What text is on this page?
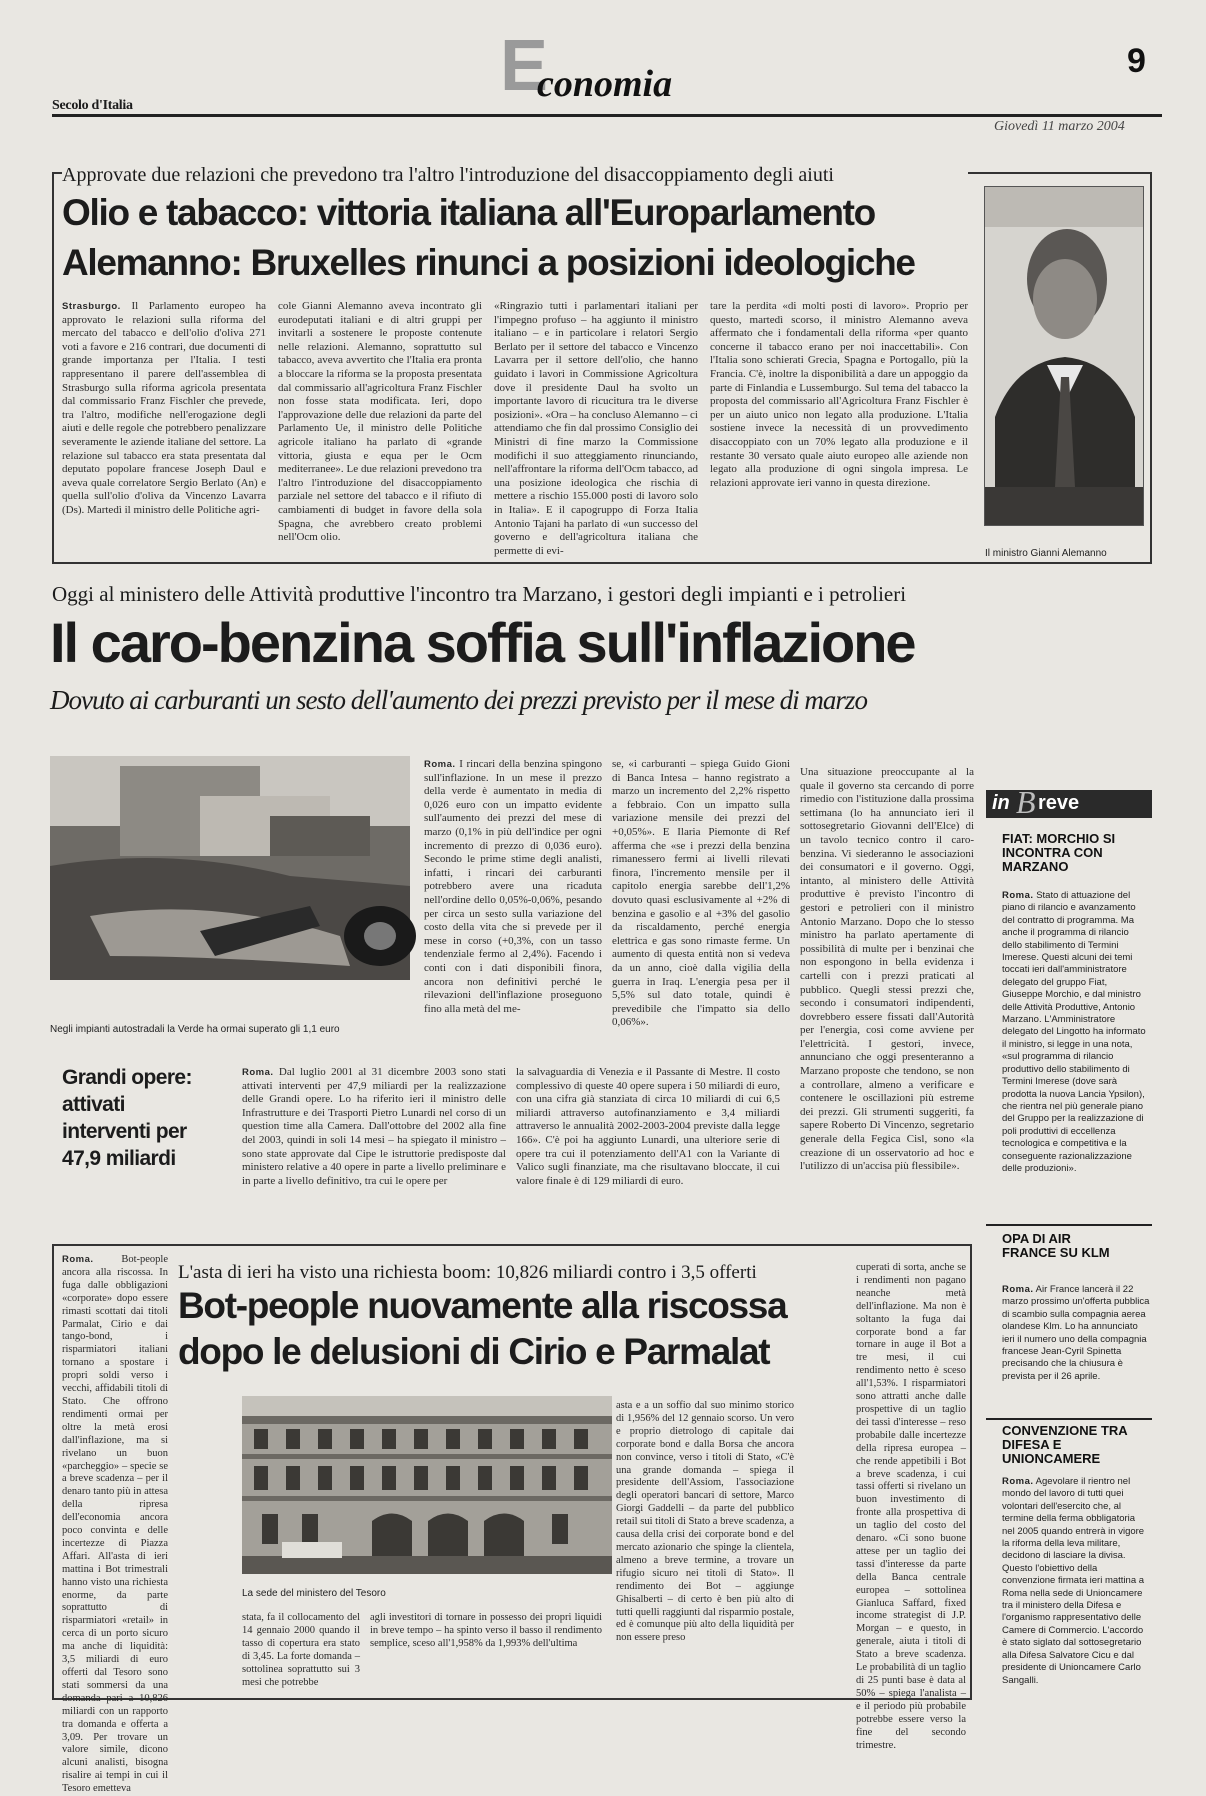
Secolo d'Italia	E
conomia
9
Giovedì 11 marzo 2004
Approvate due relazioni che prevedono tra l'altro l'introduzione del disaccoppiamento degli aiuti
Olio e tabacco: vittoria italiana all'Europarlamento
Alemanno: Bruxelles rinunci a posizioni ideologiche
Strasburgo. Il Parlamento europeo ha approvato le relazioni sulla riforma del mercato del tabacco e dell'olio d'oliva 271 voti a favore e 216 contrari, due documenti di grande importanza per l'Italia. I testi rappresentano il parere dell'assemblea di Strasburgo sulla riforma agricola presentata dal commissario Franz Fischler che prevede, tra l'altro, modifiche nell'erogazione degli aiuti e delle regole che potrebbero penalizzare severamente le aziende italiane del settore. La relazione sul tabacco era stata presentata dal deputato popolare francese Joseph Daul e aveva quale correlatore Sergio Berlato (An) e quella sull'olio d'oliva da Vincenzo Lavarra (Ds). Martedì il ministro delle Politiche agri-
cole Gianni Alemanno aveva incontrato gli eurodeputati italiani e di altri gruppi per invitarli a sostenere le proposte contenute nelle relazioni. Alemanno, soprattutto sul tabacco, aveva avvertito che l'Italia era pronta a bloccare la riforma se la proposta presentata dal commissario all'agricoltura Franz Fischler non fosse stata modificata. Ieri, dopo l'approvazione delle due relazioni da parte del Parlamento Ue, il ministro delle Politiche agricole italiano ha parlato di «grande vittoria, giusta e equa per le Ocm mediterranee». Le due relazioni prevedono tra l'altro l'introduzione del disaccoppiamento parziale nel settore del tabacco e il rifiuto di cambiamenti di budget in favore della sola Spagna, che avrebbero creato problemi nell'Ocm olio.
«Ringrazio tutti i parlamentari italiani per l'impegno profuso – ha aggiunto il ministro italiano – e in particolare i relatori Sergio Berlato per il settore del tabacco e Vincenzo Lavarra per il settore dell'olio, che hanno guidato i lavori in Commissione Agricoltura dove il presidente Daul ha svolto un importante lavoro di ricucitura tra le diverse posizioni». «Ora – ha concluso Alemanno – ci attendiamo che fin dal prossimo Consiglio dei Ministri di fine marzo la Commissione modifichi il suo atteggiamento rinunciando, nell'affrontare la riforma dell'Ocm tabacco, ad una posizione ideologica che rischia di mettere a rischio 155.000 posti di lavoro solo in Italia». E il capogruppo di Forza Italia Antonio Tajani ha parlato di «un successo del governo e dell'agricoltura italiana che permette di evi-
tare la perdita «di molti posti di lavoro». Proprio per questo, martedì scorso, il ministro Alemanno aveva affermato che i fondamentali della riforma «per quanto concerne il tabacco erano per noi inaccettabili». Con l'Italia sono schierati Grecia, Spagna e Portogallo, più la Francia. C'è, inoltre la disponibilità a dare un appoggio da parte di Finlandia e Lussemburgo. Sul tema del tabacco la proposta del commissario all'Agricoltura Franz Fischler è per un aiuto unico non legato alla produzione. L'Italia sostiene invece la necessità di un provvedimento disaccoppiato con un 70% legato alla produzione e il restante 30 versato quale aiuto europeo alle aziende non legato alla produzione di ogni singola impresa. Le relazioni approvate ieri vanno in questa direzione.
Il ministro Gianni Alemanno
Oggi al ministero delle Attività produttive l'incontro tra Marzano, i gestori degli impianti e i petrolieri
Il caro-benzina soffia sull'inflazione
Dovuto ai carburanti un sesto dell'aumento dei prezzi previsto per il mese di marzo
Negli impianti autostradali la Verde ha ormai superato gli 1,1 euro
Roma. I rincari della benzina spingono sull'inflazione. In un mese il prezzo della verde è aumentato in media di 0,026 euro con un impatto evidente sull'aumento dei prezzi del mese di marzo (0,1% in più dell'indice per ogni incremento di prezzo di 0,036 euro). Secondo le prime stime degli analisti, infatti, i rincari dei carburanti potrebbero avere una ricaduta nell'ordine dello 0,05%-0,06%, pesando per circa un sesto sulla variazione del costo della vita che si prevede per il mese in corso (+0,3%, con un tasso tendenziale fermo al 2,4%). Facendo i conti con i dati disponibili finora, ancora non definitivi perché le rilevazioni dell'inflazione proseguono fino alla metà del me-
se, «i carburanti – spiega Guido Gioni di Banca Intesa – hanno registrato a marzo un incremento del 2,2% rispetto a febbraio. Con un impatto sulla variazione mensile dei prezzi del +0,05%». E Ilaria Piemonte di Ref afferma che «se i prezzi della benzina rimanessero fermi ai livelli rilevati finora, l'incremento mensile per il capitolo energia sarebbe dell'1,2% dovuto quasi esclusivamente al +2% di benzina e gasolio e al +3% del gasolio da riscaldamento, perché energia elettrica e gas sono rimaste ferme. Un aumento di questa entità non si vedeva da un anno, cioè dalla vigilia della guerra in Iraq. L'energia pesa per il 5,5% sul dato totale, quindi è prevedibile che l'impatto sia dello 0,06%».
Una situazione preoccupante al la quale il governo sta cercando di porre rimedio con l'istituzione dalla prossima settimana (lo ha annunciato ieri il sottosegretario Giovanni dell'Elce) di un tavolo tecnico contro il caro-benzina. Vi siederanno le associazioni dei consumatori e il governo. Oggi, intanto, al ministero delle Attività produttive è previsto l'incontro di gestori e petrolieri con il ministro Antonio Marzano. Dopo che lo stesso ministro ha parlato apertamente di possibilità di multe per i benzinai che non espongono in bella evidenza i cartelli con i prezzi praticati al pubblico. Quegli stessi prezzi che, secondo i consumatori indipendenti, dovrebbero essere fissati dall'Autorità per l'energia, così come avviene per l'elettricità. I gestori, invece, annunciano che oggi presenteranno a Marzano proposte che tendono, se non a controllare, almeno a verificare e contenere le oscillazioni più estreme dei prezzi. Gli strumenti suggeriti, fa sapere Roberto Di Vincenzo, segretario generale della Fegica Cisl, sono «la creazione di un osservatorio ad hoc e l'utilizzo di un'accisa più flessibile».
Grandi opere: attivati interventi per 47,9 miliardi
Roma. Dal luglio 2001 al 31 dicembre 2003 sono stati attivati interventi per 47,9 miliardi per la realizzazione delle Grandi opere. Lo ha riferito ieri il ministro delle Infrastrutture e dei Trasporti Pietro Lunardi nel corso di un question time alla Camera. Dall'ottobre del 2002 alla fine del 2003, quindi in soli 14 mesi – ha spiegato il ministro – sono state approvate dal Cipe le istruttorie predisposte dal ministero relative a 40 opere in parte a livello preliminare e in parte a livello definitivo, tra cui le opere per
la salvaguardia di Venezia e il Passante di Mestre. Il costo complessivo di queste 40 opere supera i 50 miliardi di euro, con una cifra già stanziata di circa 10 miliardi di cui 6,5 miliardi attraverso autofinanziamento e 3,4 miliardi attraverso le annualità 2002-2003-2004 previste dalla legge 166». C'è poi ha aggiunto Lunardi, una ulteriore serie di opere tra cui il potenziamento dell'A1 con la Variante di Valico sugli finanziate, ma che risultavano bloccate, il cui valore finale è di 129 miliardi di euro.
Roma.	Bot-people ancora alla riscossa. In fuga dalle obbligazioni «corporate» dopo essere rimasti scottati dai titoli Parmalat, Cirio e dai tango-bond, i risparmiatori italiani tornano a spostare i propri soldi verso i vecchi, affidabili titoli di Stato. Che offrono rendimenti ormai per oltre la metà erosi dall'inflazione, ma si rivelano un buon «parcheggio» – specie se a breve scadenza – per il denaro tanto più in attesa della ripresa dell'economia ancora poco convinta e delle incertezze di Piazza Affari. All'asta di ieri mattina i Bot trimestrali hanno visto una richiesta enorme, da parte soprattutto di risparmiatori «retail» in cerca di un porto sicuro ma anche di liquidità: 3,5 miliardi di euro offerti dal Tesoro sono stati sommersi da una domanda pari a 10,826 miliardi con un rapporto tra domanda e offerta a 3,09. Per trovare un valore simile, dicono alcuni analisti, bisogna risalire ai tempi in cui il Tesoro emetteva
L'asta di ieri ha visto una richiesta boom: 10,826 miliardi contro i 3,5 offerti
Bot-people nuovamente alla riscossa
dopo le delusioni di Cirio e Parmalat
cuperati di sorta, anche se i rendimenti non pagano neanche metà dell'inflazione. Ma non è soltanto la fuga dai corporate bond a far tornare in auge il Bot a tre mesi, il cui rendimento netto è sceso all'1,53%. I risparmiatori sono attratti anche dalle prospettive di un taglio dei tassi d'interesse – reso probabile dalle incertezze della ripresa europea – che rende appetibili i Bot a breve scadenza, i cui tassi offerti si rivelano un buon investimento di fronte alla prospettiva di un taglio del costo del denaro. «Ci sono buone attese per un taglio dei tassi d'interesse da parte della Banca centrale europea – sottolinea Gianluca Saffard, fixed income strategist di J.P. Morgan – e questo, in generale, aiuta i titoli di Stato a breve scadenza. Le probabilità di un taglio di 25 punti base è data al 50% – spiega l'analista – e il periodo più probabile potrebbe essere verso la fine del secondo trimestre.
La sede del ministero del Tesoro
stata, fa il collocamento del 14 gennaio 2000 quando il tasso di copertura era stato di 3,45. La forte domanda – sottolinea soprattutto sui 3 mesi che potrebbe
agli investitori di tornare in possesso dei propri liquidi in breve tempo – ha spinto verso il basso il rendimento semplice, sceso all'1,958% da 1,993% dell'ultima
asta e a un soffio dal suo minimo storico di 1,956% del 12 gennaio scorso. Un vero e proprio dietrologo di capitale dai corporate bond e dalla Borsa che ancora non convince, verso i titoli di Stato, «C'è una grande domanda – spiega il presidente dell'Assiom, l'associazione degli operatori bancari di settore, Marco Giorgi Gaddelli – da parte del pubblico retail sui titoli di Stato a breve scadenza, a causa della crisi dei corporate bond e del mercato azionario che spinge la clientela, almeno a breve termine, a trovare un rifugio sicuro nei titoli di Stato». Il rendimento dei Bot – aggiunge Ghisalberti – di certo è ben più alto di tutti quelli raggiunti dal risparmio postale, ed è comunque più alto della liquidità per non essere preso
in B reve
FIAT: MORCHIO SI INCONTRA CON MARZANO
Roma. Stato di attuazione del piano di rilancio e avanzamento del contratto di programma. Ma anche il programma di rilancio dello stabilimento di Termini Imerese. Questi alcuni dei temi toccati ieri dall'amministratore delegato del gruppo Fiat, Giuseppe Morchio, e dal ministro delle Attività Produttive, Antonio Marzano. L'Amministratore delegato del Lingotto ha informato il ministro, si legge in una nota, «sul programma di rilancio produttivo dello stabilimento di Termini Imerese (dove sarà prodotta la nuova Lancia Ypsilon), che rientra nel più generale piano del Gruppo per la realizzazione di poli produttivi di eccellenza tecnologica e competitiva e la conseguente razionalizzazione delle produzioni».
OPA DI AIR FRANCE SU KLM
Roma. Air France lancerà il 22 marzo prossimo un'offerta pubblica di scambio sulla compagnia aerea olandese Klm. Lo ha annunciato ieri il numero uno della compagnia francese Jean-Cyril Spinetta precisando che la chiusura è prevista per il 26 aprile.
CONVENZIONE TRA DIFESA E UNIONCAMERE
Roma. Agevolare il rientro nel mondo del lavoro di tutti quei volontari dell'esercito che, al termine della ferma obbligatoria nel 2005 quando entrerà in vigore la riforma della leva militare, decidono di lasciare la divisa. Questo l'obiettivo della convenzione firmata ieri mattina a Roma nella sede di Unioncamere tra il ministero della Difesa e l'organismo rappresentativo delle Camere di Commercio. L'accordo è stato siglato dal sottosegretario alla Difesa Salvatore Cicu e dal presidente di Unioncamere Carlo Sangalli.
